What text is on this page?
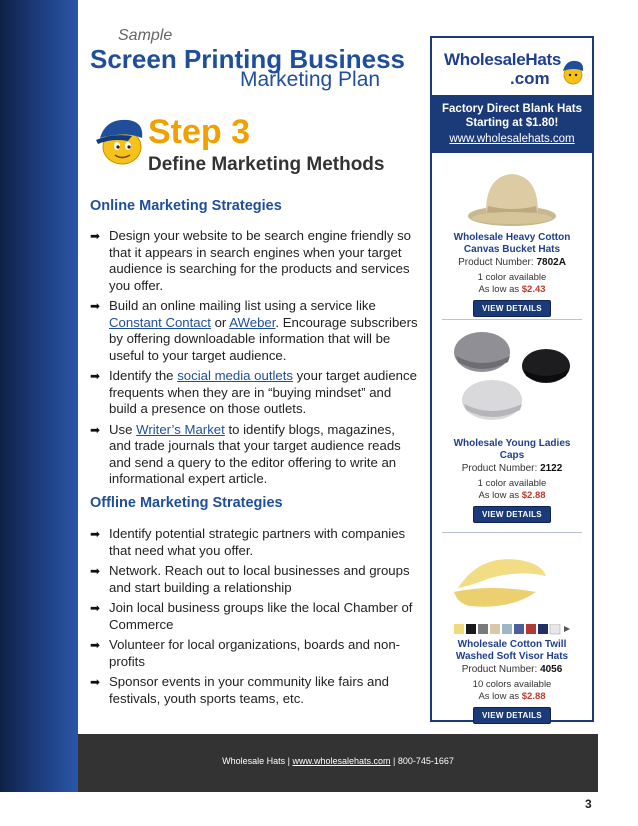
Sample
Screen Printing Business
Marketing Plan
Step 3
Define Marketing Methods
Online Marketing Strategies
➡ Design your website to be search engine friendly so that it appears in search engines when your target audience is searching for the products and services you offer.
➡ Build an online mailing list using a service like Constant Contact or AWeber. Encourage subscribers by offering downloadable information that will be useful to your target audience.
➡ Identify the social media outlets your target audience frequents when they are in “buying mindset” and build a presence on those outlets.
➡ Use Writer’s Market to identify blogs, magazines, and trade journals that your target audience reads and send a query to the editor offering to write an informational expert article.
Offline Marketing Strategies
➡ Identify potential strategic partners with companies that need what you offer.
➡ Network. Reach out to local businesses and groups and start building a relationship
➡ Join local business groups like the local Chamber of Commerce
➡ Volunteer for local organizations, boards and non-profits
➡ Sponsor events in your community like fairs and festivals, youth sports teams, etc.
WholesaleHats
.com
Factory Direct Blank Hats
Starting at $1.80!
www.wholesalehats.com
Wholesale Heavy Cotton Canvas Bucket Hats
Product Number: 7802A
1 color available
As low as $2.43
VIEW DETAILS
Wholesale Young Ladies Caps
Product Number: 2122
1 color available
As low as $2.88
VIEW DETAILS
Wholesale Cotton Twill Washed Soft Visor Hats
Product Number: 4056
10 colors available
As low as $2.88
VIEW DETAILS
Wholesale Hats | www.wholesalehats.com | 800-745-1667
3
